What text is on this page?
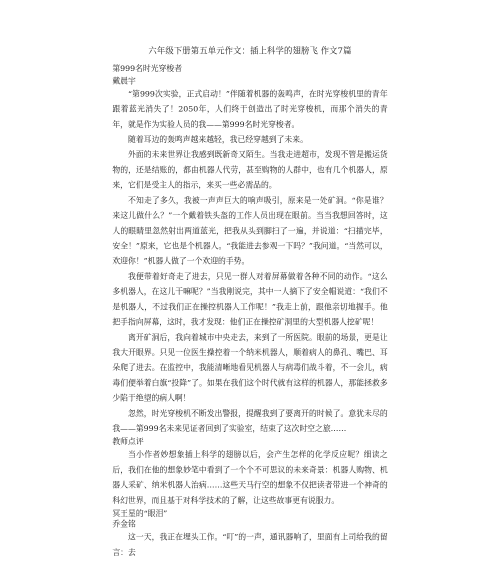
六年级下册第五单元作文：插上科学的翅膀飞 作文7篇
第999名时光穿梭者
戴晨宇
“第999次实验，正式启动！”伴随着机器的轰鸣声，在时光穿梭机里的青年跟着蓝光消失了！2050年，人们终于创造出了时光穿梭机，而那个消失的青年，就是作为实验人员的我——第999名时光穿梭者。
随着耳边的轰鸣声越来越轻，我已经穿越到了未来。
外面的未来世界让我感到既新奇又陌生。当我走进超市，发现不管是搬运货物的，还是结账的，都由机器人代劳，甚至购物的人群中，也有几个机器人，原来，它们是受主人的指示，来买一些必需品的。
不知走了多久，我被一声声巨大的响声吸引，原来是一处矿洞。“你是谁？来这儿做什么？”一个戴着铁头盔的工作人员出现在眼前。当当我想回答时，这人的眼睛里忽然射出两道蓝光，把我从头到脚扫了一遍，并说道：“扫描完毕，安全！”原来，它也是个机器人。“我能进去参观一下吗？”我问道。“当然可以，欢迎你！”机器人做了一个欢迎的手势。
我便带着好奇走了进去，只见一群人对着屏幕做着各种不同的动作。“这么多机器人，在这儿干嘛呢？”当我刚说完，其中一人摘下了安全帽说道：“我们不是机器人，不过我们正在操控机器人工作呢！”我走上前，跟他亲切地握手。他把手指向屏幕，这时，我才发现：他们正在操控矿洞里的大型机器人挖矿呢！
离开矿洞后，我向着城市中央走去，来到了一所医院。眼前的场景，更是让我大开眼界。只见一位医生操控着一个纳米机器人，顺着病人的鼻孔、嘴巴、耳朵爬了进去。在监控中，我能清晰地看见机器人与病毒们战斗着，不一会儿，病毒们便举着白旗“投降”了。如果在我们这个时代就有这样的机器人，那能拯救多少陷于绝望的病人啊！
忽然，时光穿梭机不断发出警报，提醒我到了要离开的时候了。意犹未尽的我——第999名未来见证者回到了实验室，结束了这次时空之旅……
教师点评
当小作者妙想象插上科学的翅膀以后，会产生怎样的化学反应呢？细读之后，我们在他的想象妙笔中看到了一个个不可思议的未来奇景：机器人购物、机器人采矿、纳米机器人治病……这些天马行空的想象不仅把读者带进一个神奇的科幻世界，而且基于对科学技术的了解，让这些故事更有说服力。
冥王星的“眼泪”
乔金铭
这一天，我正在埋头工作。“叮”的一声，通讯器响了，里面有上司给我的留言：去
